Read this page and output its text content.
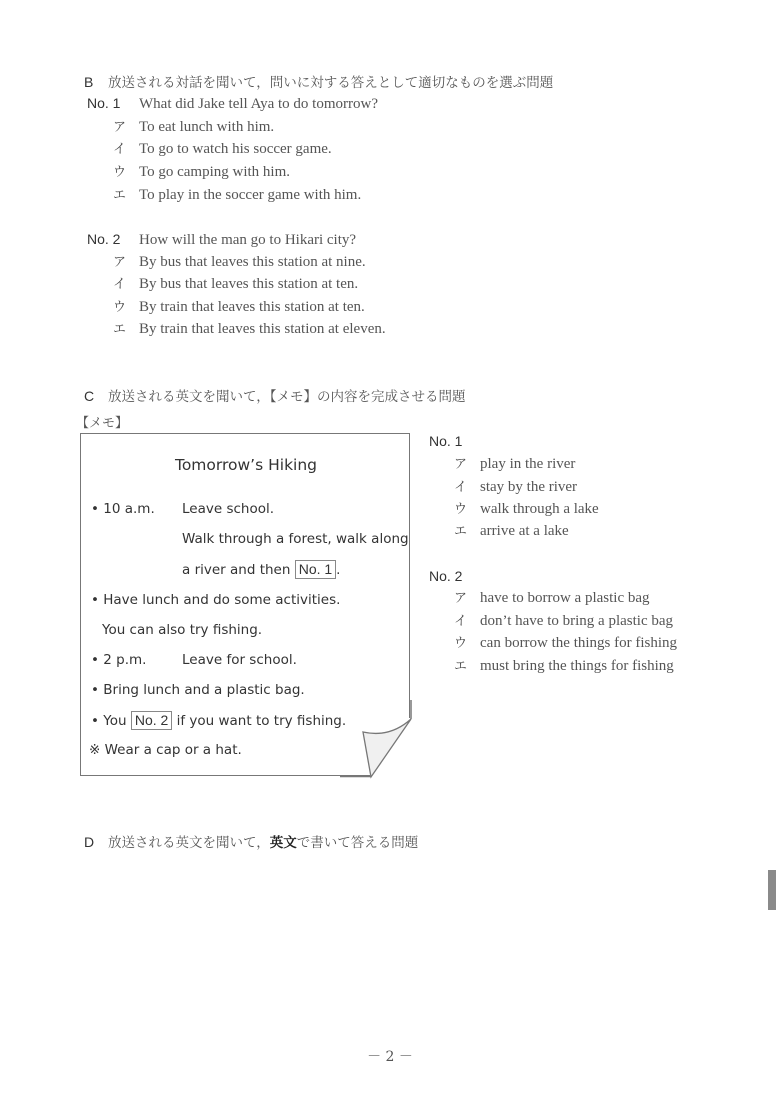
B 放送される対話を聞いて，問いに対する答えとして適切なものを選ぶ問題
No. 1 What did Jake tell Aya to do tomorrow?
ア To eat lunch with him.
イ To go to watch his soccer game.
ウ To go camping with him.
エ To play in the soccer game with him.
No. 2 How will the man go to Hikari city?
ア By bus that leaves this station at nine.
イ By bus that leaves this station at ten.
ウ By train that leaves this station at ten.
エ By train that leaves this station at eleven.
C 放送される英文を聞いて，【メモ】の内容を完成させる問題
【メモ】
Tomorrow’s Hiking
• 10 a.m. Leave school.
Walk through a forest, walk along
a river and then No. 1 .
• Have lunch and do some activities.
You can also try fishing.
• 2 p.m.	Leave for school.
• Bring lunch and a plastic bag.
• You No. 2 if you want to try fishing.
※ Wear a cap or a hat.
No. 1
ア play in the river
イ stay by the river
ウ walk through a lake
エ arrive at a lake
No. 2
ア have to borrow a plastic bag
イ don’t have to bring a plastic bag
ウ can borrow the things for fishing
エ must bring the things for fishing
D 放送される英文を聞いて，英文で書いて答える問題
－ 2 －
